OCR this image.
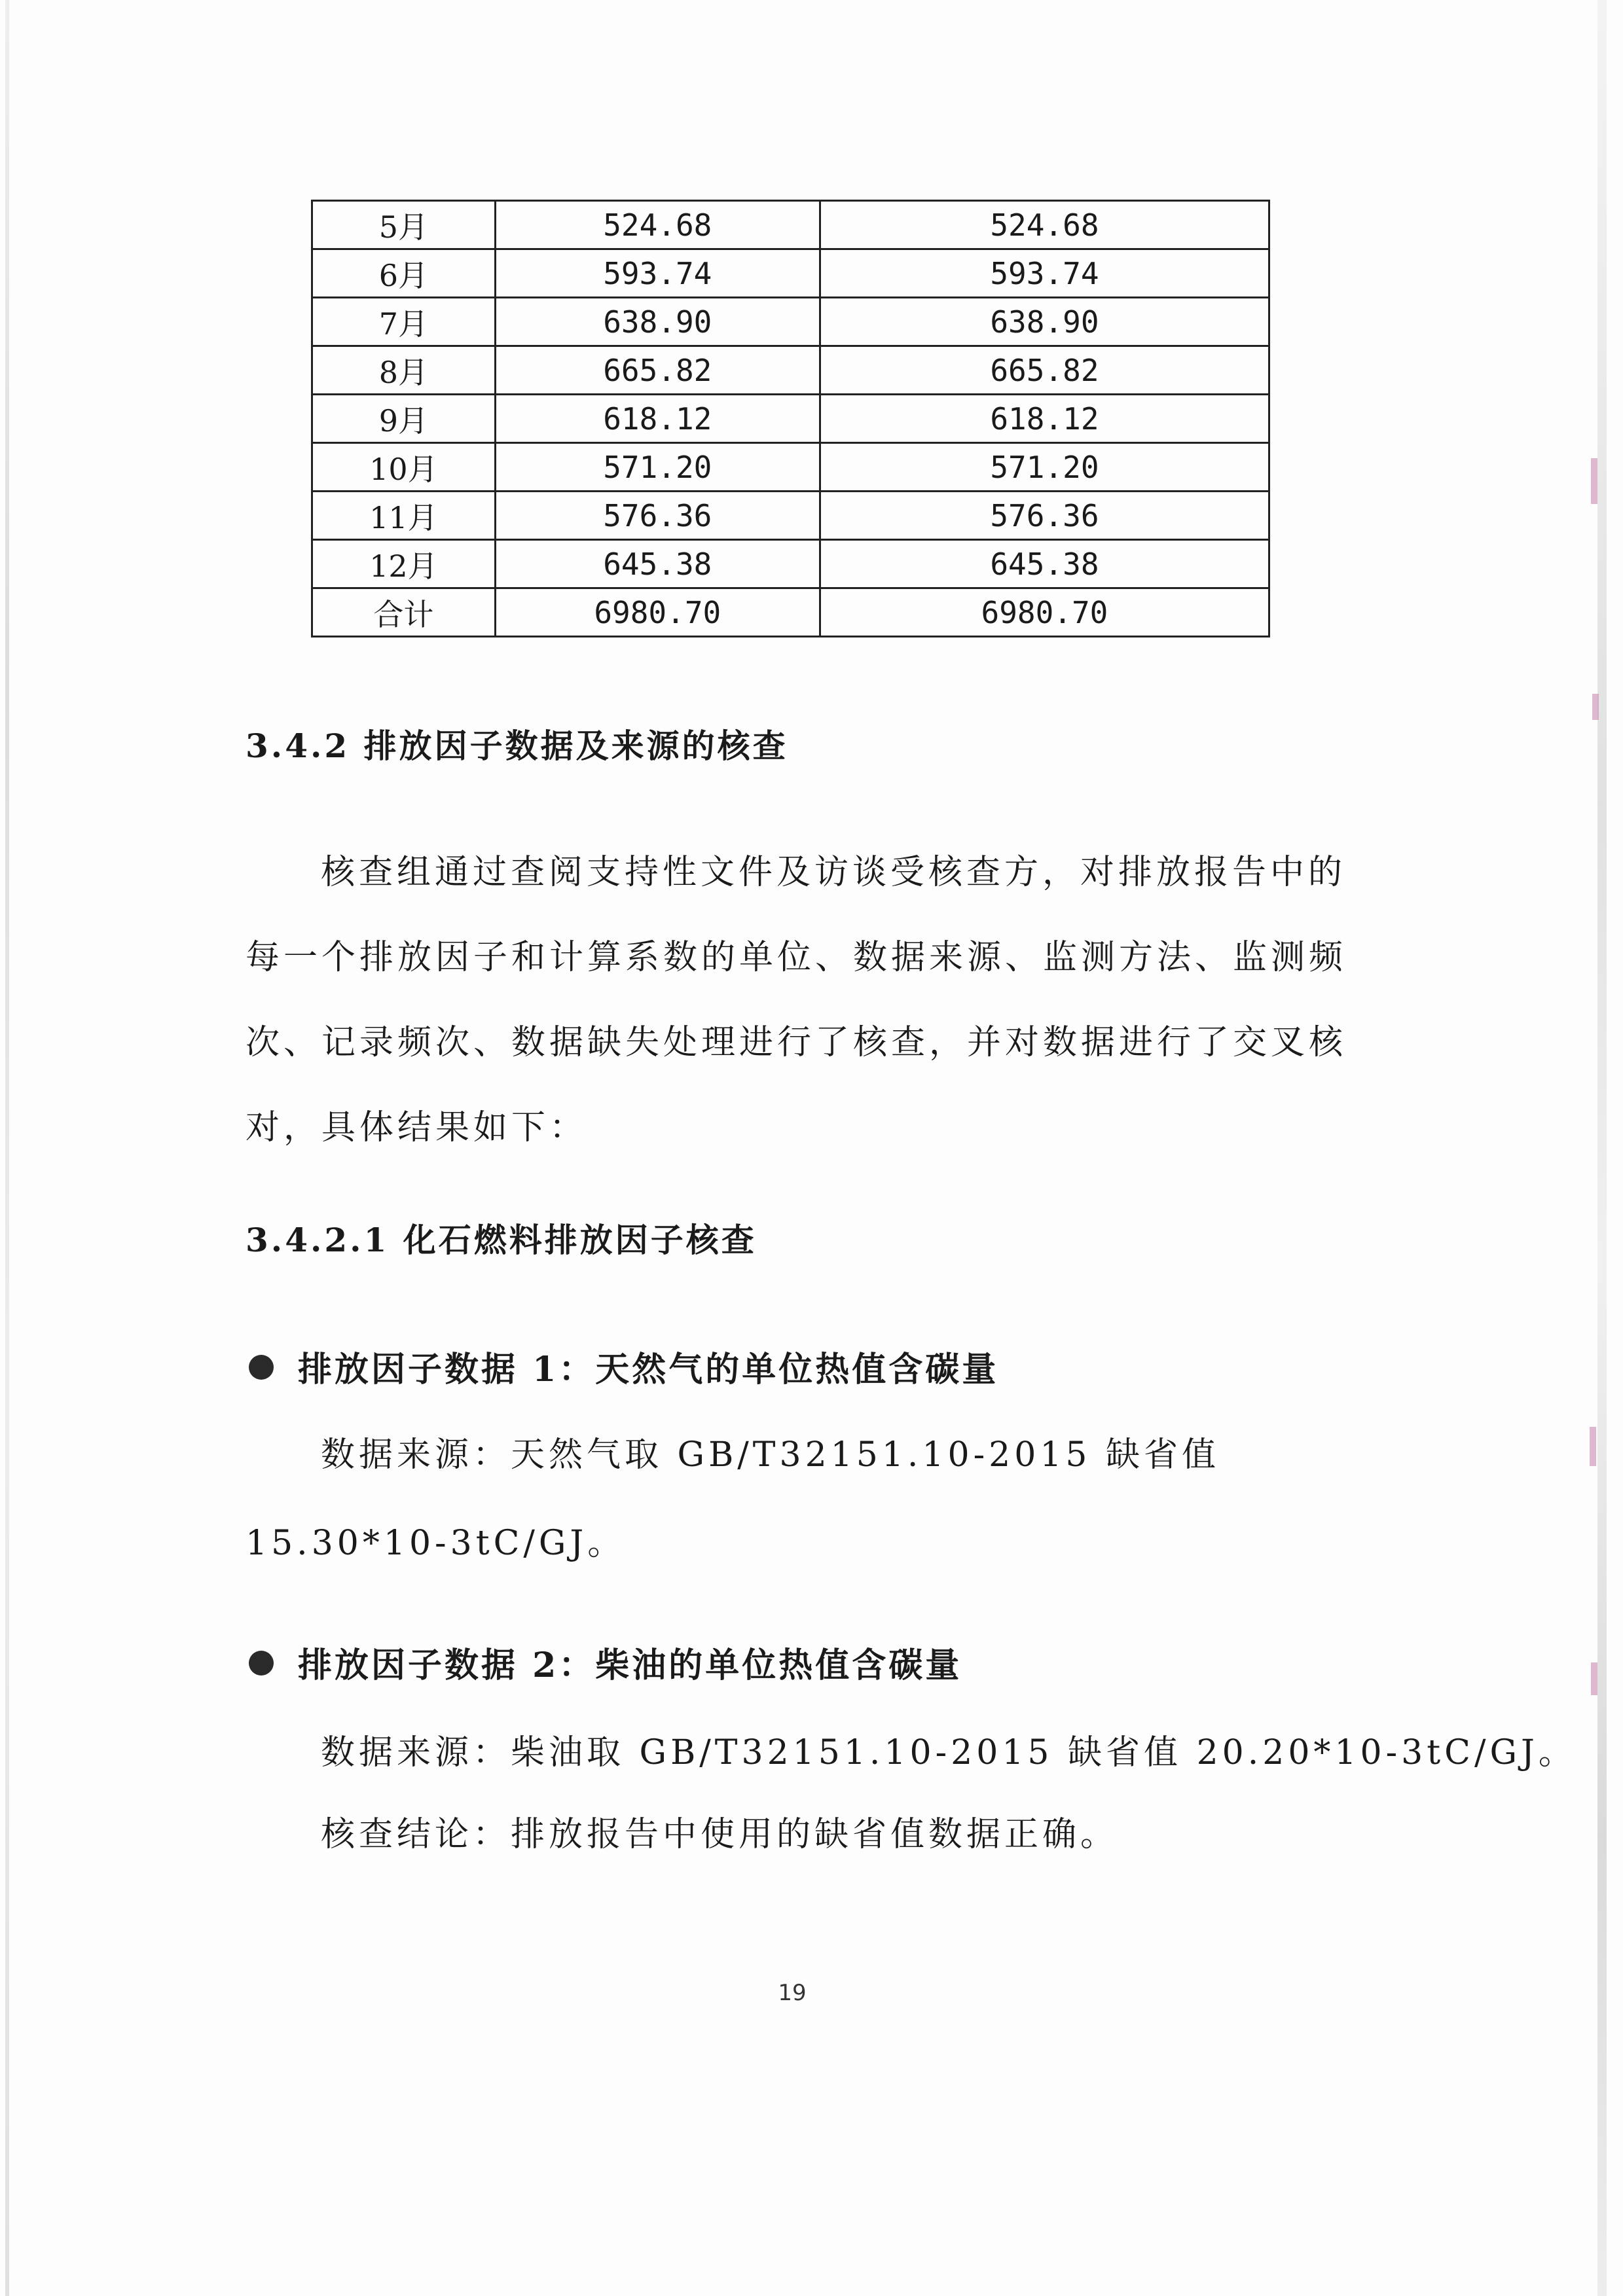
5月	524.68	524.68
6月	593.74	593.74
7月	638.90	638.90
8月	665.82	665.82
9月	618.12	618.12
10月	571.20	571.20
11月	576.36	576.36
12月	645.38	645.38
合计	6980.70	6980.70
3.4.2 排放因子数据及来源的核查
核查组通过查阅支持性文件及访谈受核查方，对排放报告中的
每一个排放因子和计算系数的单位、数据来源、监测方法、监测频
次、记录频次、数据缺失处理进行了核查，并对数据进行了交叉核
对，具体结果如下：
3.4.2.1 化石燃料排放因子核查
排放因子数据 1：天然气的单位热值含碳量
数据来源：天然气取 GB/T32151.10-2015 缺省值
15.30*10-3tC/GJ。
排放因子数据 2：柴油的单位热值含碳量
数据来源：柴油取 GB/T32151.10-2015 缺省值 20.20*10-3tC/GJ。
核查结论：排放报告中使用的缺省值数据正确。
19
